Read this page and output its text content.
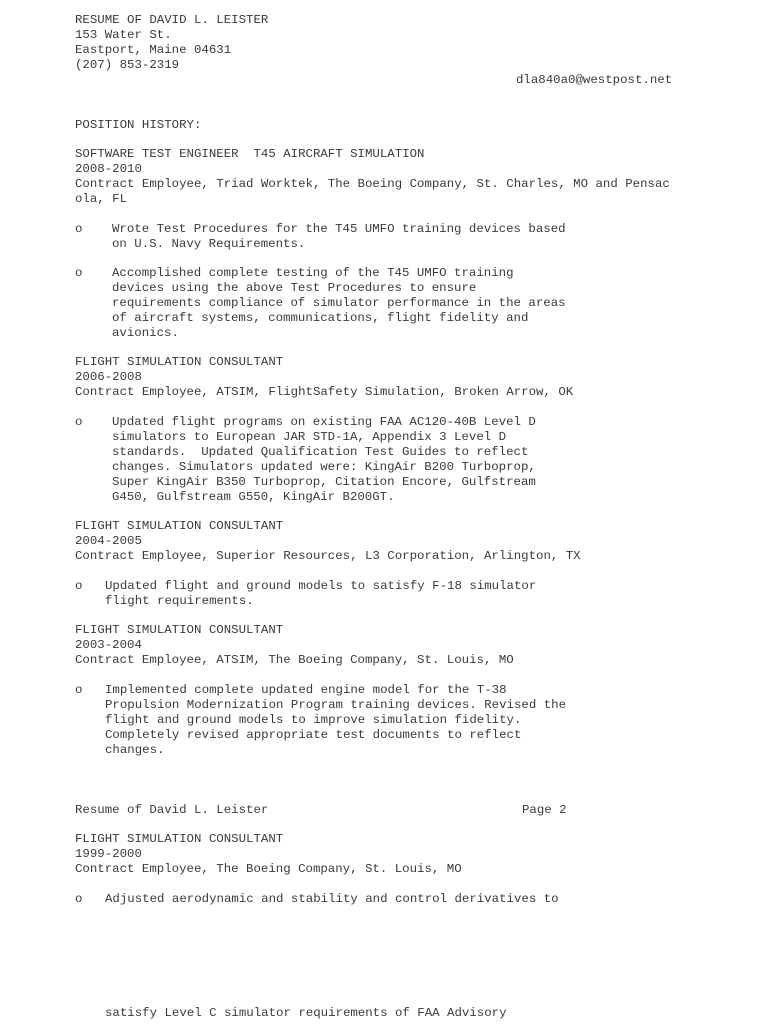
RESUME OF DAVID L. LEISTER
153 Water St.
Eastport, Maine 04631
(207) 853-2319
dla840a0@westpost.net
POSITION HISTORY:
SOFTWARE TEST ENGINEER  T45 AIRCRAFT SIMULATION
2008-2010
Contract Employee, Triad Worktek, The Boeing Company, St. Charles, MO and Pensac
ola, FL
o Wrote Test Procedures for the T45 UMFO training devices based
on U.S. Navy Requirements.
o Accomplished complete testing of the T45 UMFO training
devices using the above Test Procedures to ensure
requirements compliance of simulator performance in the areas
of aircraft systems, communications, flight fidelity and
avionics.
FLIGHT SIMULATION CONSULTANT
2006-2008
Contract Employee, ATSIM, FlightSafety Simulation, Broken Arrow, OK
o Updated flight programs on existing FAA AC120-40B Level D
simulators to European JAR STD-1A, Appendix 3 Level D
standards.  Updated Qualification Test Guides to reflect
changes. Simulators updated were: KingAir B200 Turboprop,
Super KingAir B350 Turboprop, Citation Encore, Gulfstream
G450, Gulfstream G550, KingAir B200GT.
FLIGHT SIMULATION CONSULTANT
2004-2005
Contract Employee, Superior Resources, L3 Corporation, Arlington, TX
o Updated flight and ground models to satisfy F-18 simulator
flight requirements.
FLIGHT SIMULATION CONSULTANT
2003-2004
Contract Employee, ATSIM, The Boeing Company, St. Louis, MO
o Implemented complete updated engine model for the T-38
Propulsion Modernization Program training devices. Revised the
flight and ground models to improve simulation fidelity.
Completely revised appropriate test documents to reflect
changes.
Resume of David L. Leister	Page 2
FLIGHT SIMULATION CONSULTANT
1999-2000
Contract Employee, The Boeing Company, St. Louis, MO
o Adjusted aerodynamic and stability and control derivatives to
satisfy Level C simulator requirements of FAA Advisory
